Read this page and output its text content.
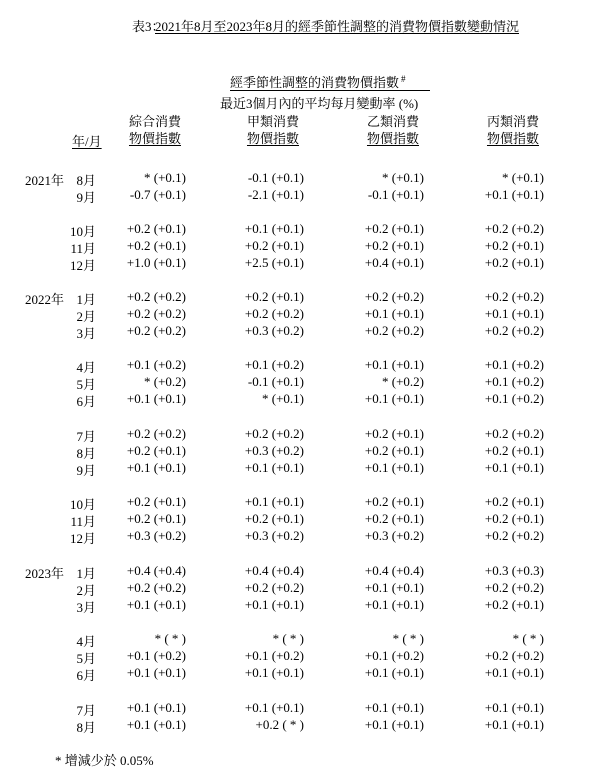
表3：
2021年8月至2023年8月的經季節性調整的消費物價指數變動情況
經季節性調整的消費物價指數 #
最近3個月內的平均每月變動率 (%)
綜合消費
物價指數
甲類消費
物價指數
乙類消費
物價指數
丙類消費
物價指數
年/月
2021年 8月	* (+0.1)	-0.1 (+0.1)	* (+0.1)	* (+0.1)
9月	-0.7 (+0.1)	-2.1 (+0.1)	-0.1 (+0.1)	+0.1 (+0.1)
10月	+0.2 (+0.1)	+0.1 (+0.1)	+0.2 (+0.1)	+0.2 (+0.2)
11月	+0.2 (+0.1)	+0.2 (+0.1)	+0.2 (+0.1)	+0.2 (+0.1)
12月	+1.0 (+0.1)	+2.5 (+0.1)	+0.4 (+0.1)	+0.2 (+0.1)
2022年 1月	+0.2 (+0.2)	+0.2 (+0.1)	+0.2 (+0.2)	+0.2 (+0.2)
2月	+0.2 (+0.2)	+0.2 (+0.2)	+0.1 (+0.1)	+0.1 (+0.1)
3月	+0.2 (+0.2)	+0.3 (+0.2)	+0.2 (+0.2)	+0.2 (+0.2)
4月	+0.1 (+0.2)	+0.1 (+0.2)	+0.1 (+0.1)	+0.1 (+0.2)
5月	* (+0.2)	-0.1 (+0.1)	* (+0.2)	+0.1 (+0.2)
6月	+0.1 (+0.1)	* (+0.1)	+0.1 (+0.1)	+0.1 (+0.2)
7月	+0.2 (+0.2)	+0.2 (+0.2)	+0.2 (+0.1)	+0.2 (+0.2)
8月	+0.2 (+0.1)	+0.3 (+0.2)	+0.2 (+0.1)	+0.2 (+0.1)
9月	+0.1 (+0.1)	+0.1 (+0.1)	+0.1 (+0.1)	+0.1 (+0.1)
10月	+0.2 (+0.1)	+0.1 (+0.1)	+0.2 (+0.1)	+0.2 (+0.1)
11月	+0.2 (+0.1)	+0.2 (+0.1)	+0.2 (+0.1)	+0.2 (+0.1)
12月	+0.3 (+0.2)	+0.3 (+0.2)	+0.3 (+0.2)	+0.2 (+0.2)
2023年 1月	+0.4 (+0.4)	+0.4 (+0.4)	+0.4 (+0.4)	+0.3 (+0.3)
2月	+0.2 (+0.2)	+0.2 (+0.2)	+0.1 (+0.1)	+0.2 (+0.2)
3月	+0.1 (+0.1)	+0.1 (+0.1)	+0.1 (+0.1)	+0.2 (+0.1)
4月	* ( * )	* ( * )	* ( * )	* ( * )
5月	+0.1 (+0.2)	+0.1 (+0.2)	+0.1 (+0.2)	+0.2 (+0.2)
6月	+0.1 (+0.1)	+0.1 (+0.1)	+0.1 (+0.1)	+0.1 (+0.1)
7月	+0.1 (+0.1)	+0.1 (+0.1)	+0.1 (+0.1)	+0.1 (+0.1)
8月	+0.1 (+0.1)	+0.2 ( * )	+0.1 (+0.1)	+0.1 (+0.1)
* 增減少於 0.05%
